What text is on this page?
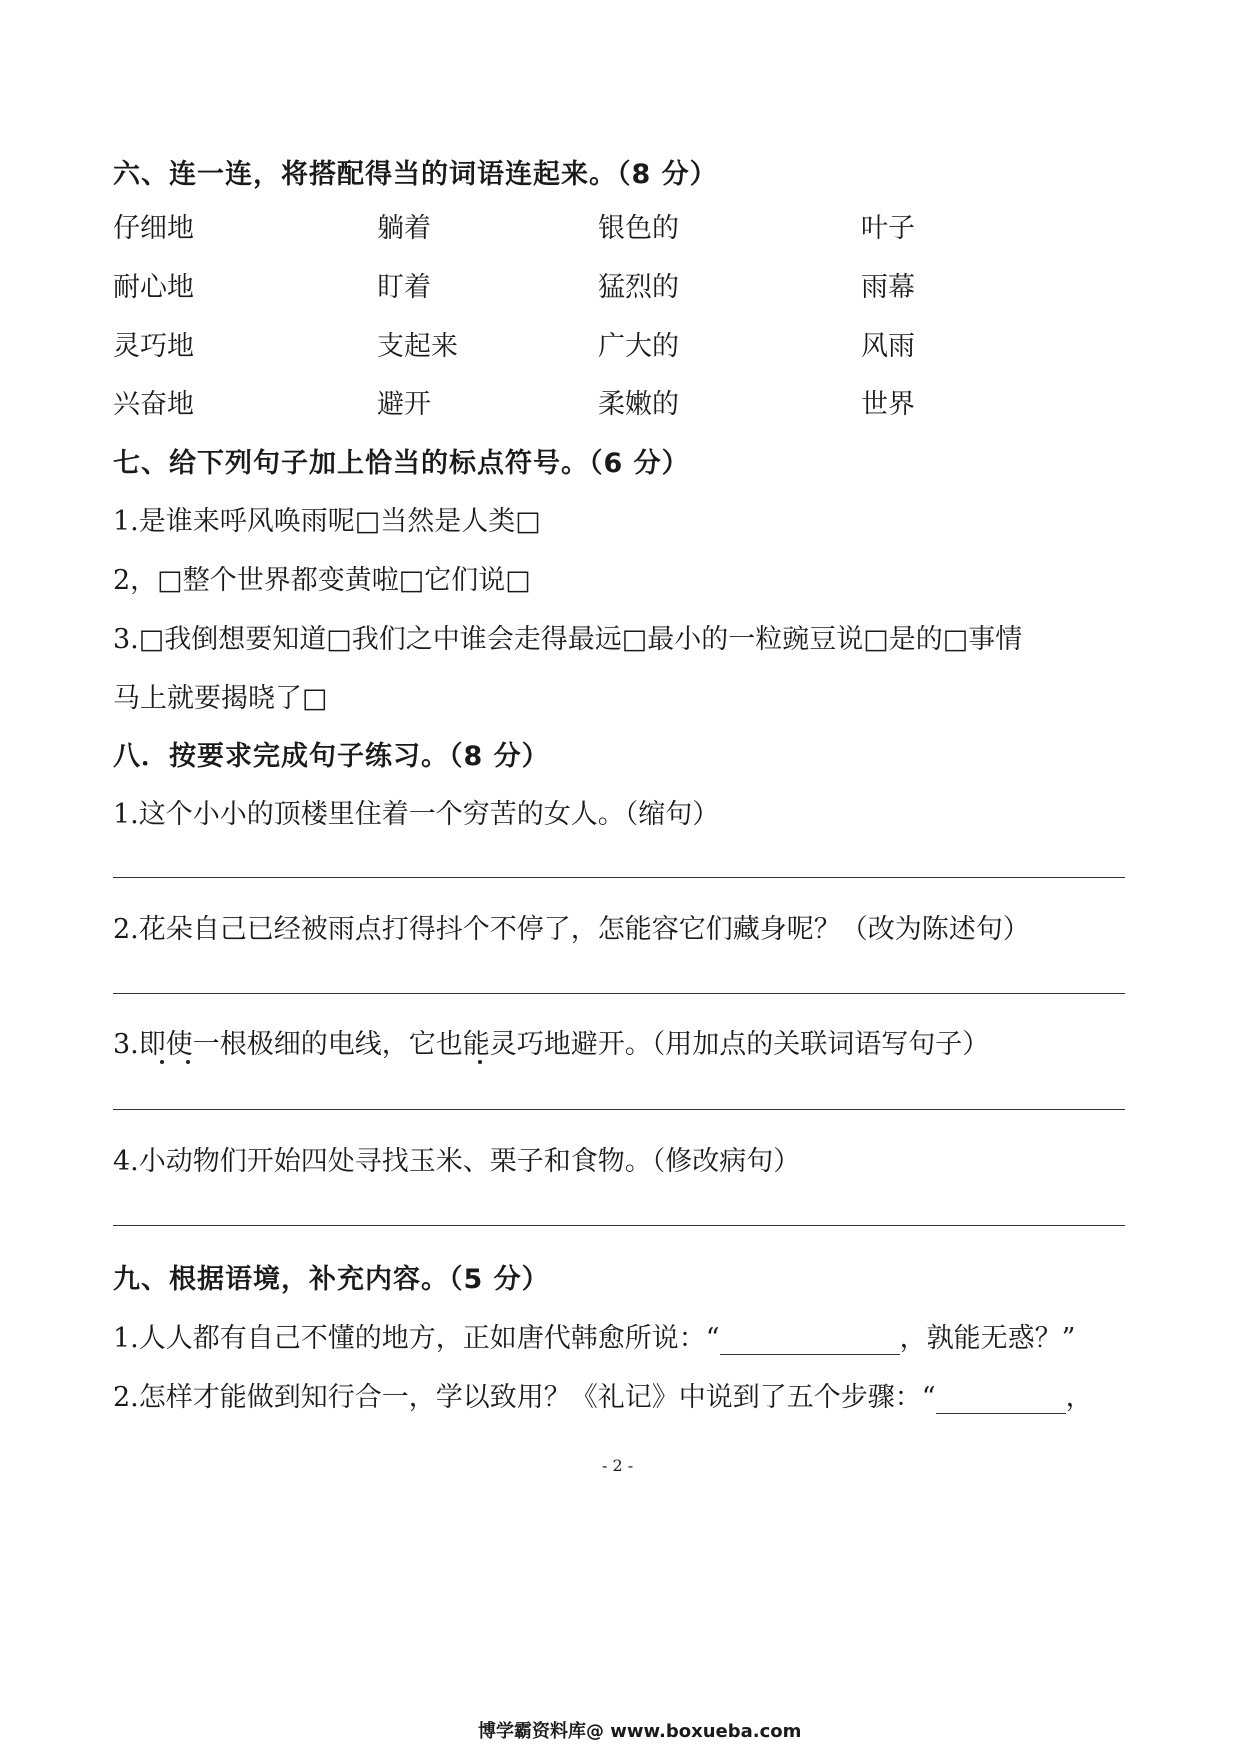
六、连一连，将搭配得当的词语连起来。（8 分）
仔细地
耐心地
灵巧地
兴奋地
躺着
盯着
支起来
避开
银色的
猛烈的
广大的
柔嫩的
叶子
雨幕
风雨
世界
七、给下列句子加上恰当的标点符号。（6 分）
1.是谁来呼风唤雨呢□当然是人类□
2，□整个世界都变黄啦□它们说□
3.□我倒想要知道□我们之中谁会走得最远□最小的一粒豌豆说□是的□事情
马上就要揭晓了□
八．按要求完成句子练习。（8 分）
1.这个小小的顶楼里住着一个穷苦的女人。（缩句）
2.花朵自己已经被雨点打得抖个不停了，怎能容它们藏身呢？（改为陈述句）
3.即使一根极细的电线，它也能灵巧地避开。（用加点的关联词语写句子）
4.小动物们开始四处寻找玉米、栗子和食物。（修改病句）
九、根据语境，补充内容。（5 分）
1.人人都有自己不懂的地方，正如唐代韩愈所说：“	，孰能无惑？”
2.怎样才能做到知行合一，学以致用？《礼记》中说到了五个步骤：“	，
- 2 -
博学霸资料库@ www.boxueba.com
